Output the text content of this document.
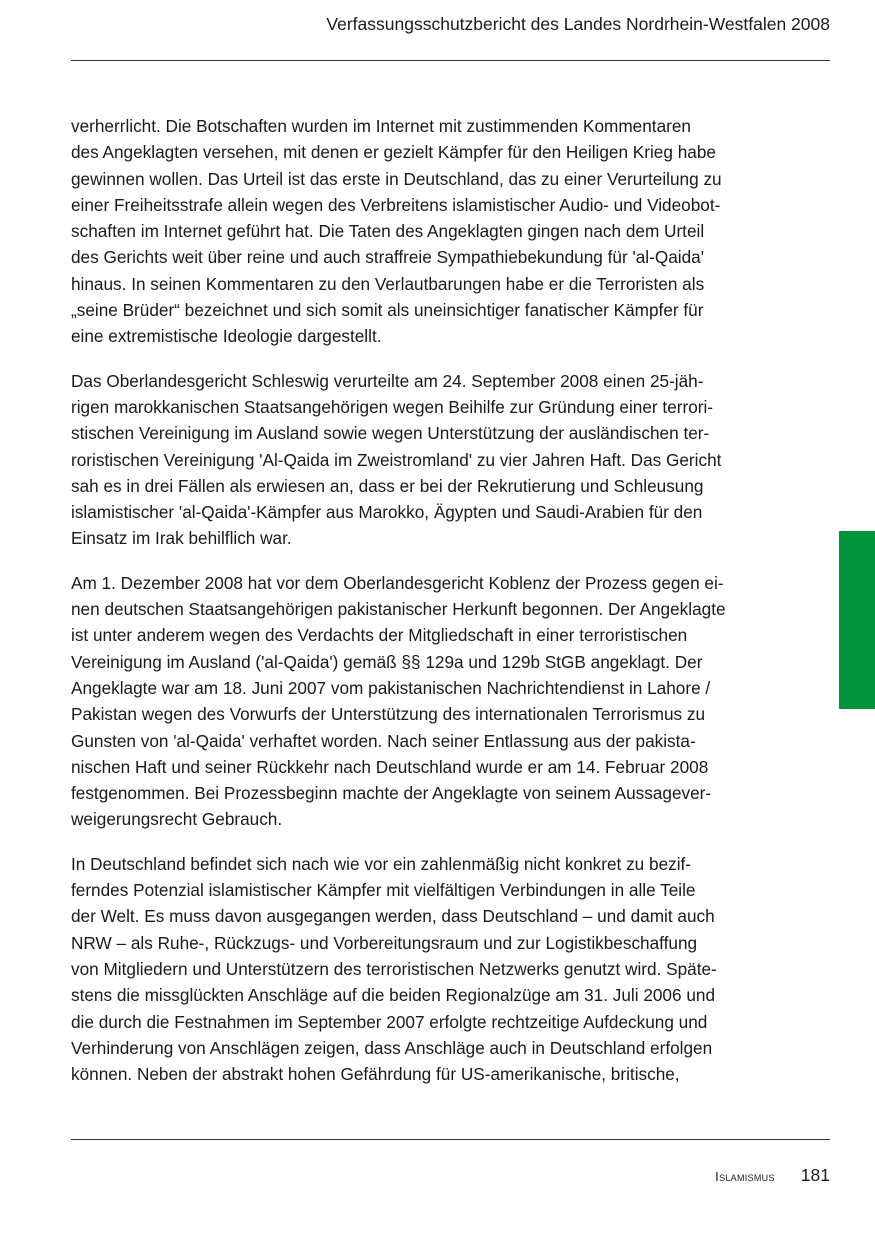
Verfassungsschutzbericht des Landes Nordrhein-Westfalen 2008

verherrlicht. Die Botschaften wurden im Internet mit zustimmenden Kommentaren
des Angeklagten versehen, mit denen er gezielt Kämpfer für den Heiligen Krieg habe
gewinnen wollen. Das Urteil ist das erste in Deutschland, das zu einer Verurteilung zu
einer Freiheitsstrafe allein wegen des Verbreitens islamistischer Audio- und Videobot-
schaften im Internet geführt hat. Die Taten des Angeklagten gingen nach dem Urteil
des Gerichts weit über reine und auch straffreie Sympathiebekundung für 'al-Qaida'
hinaus. In seinen Kommentaren zu den Verlautbarungen habe er die Terroristen als
„seine Brüder“ bezeichnet und sich somit als uneinsichtiger fanatischer Kämpfer für
eine extremistische Ideologie dargestellt.

Das Oberlandesgericht Schleswig verurteilte am 24. September 2008 einen 25-jäh-
rigen marokkanischen Staatsangehörigen wegen Beihilfe zur Gründung einer terrori-
stischen Vereinigung im Ausland sowie wegen Unterstützung der ausländischen ter-
roristischen Vereinigung 'Al-Qaida im Zweistromland' zu vier Jahren Haft. Das Gericht
sah es in drei Fällen als erwiesen an, dass er bei der Rekrutierung und Schleusung
islamistischer 'al-Qaida'-Kämpfer aus Marokko, Ägypten und Saudi-Arabien für den
Einsatz im Irak behilflich war.

Am 1. Dezember 2008 hat vor dem Oberlandesgericht Koblenz der Prozess gegen ei-
nen deutschen Staatsangehörigen pakistanischer Herkunft begonnen. Der Angeklagte
ist unter anderem wegen des Verdachts der Mitgliedschaft in einer terroristischen
Vereinigung im Ausland ('al-Qaida') gemäß §§ 129a und 129b StGB angeklagt. Der
Angeklagte war am 18. Juni 2007 vom pakistanischen Nachrichtendienst in Lahore /
Pakistan wegen des Vorwurfs der Unterstützung des internationalen Terrorismus zu
Gunsten von 'al-Qaida' verhaftet worden. Nach seiner Entlassung aus der pakista-
nischen Haft und seiner Rückkehr nach Deutschland wurde er am 14. Februar 2008
festgenommen. Bei Prozessbeginn machte der Angeklagte von seinem Aussagever-
weigerungsrecht Gebrauch.

In Deutschland befindet sich nach wie vor ein zahlenmäßig nicht konkret zu bezif-
ferndes Potenzial islamistischer Kämpfer mit vielfältigen Verbindungen in alle Teile
der Welt. Es muss davon ausgegangen werden, dass Deutschland – und damit auch
NRW – als Ruhe-, Rückzugs- und Vorbereitungsraum und zur Logistikbeschaffung
von Mitgliedern und Unterstützern des terroristischen Netzwerks genutzt wird. Späte-
stens die missglückten Anschläge auf die beiden Regionalzüge am 31. Juli 2006 und
die durch die Festnahmen im September 2007 erfolgte rechtzeitige Aufdeckung und
Verhinderung von Anschlägen zeigen, dass Anschläge auch in Deutschland erfolgen
können. Neben der abstrakt hohen Gefährdung für US-amerikanische, britische,

Islamismus 181
